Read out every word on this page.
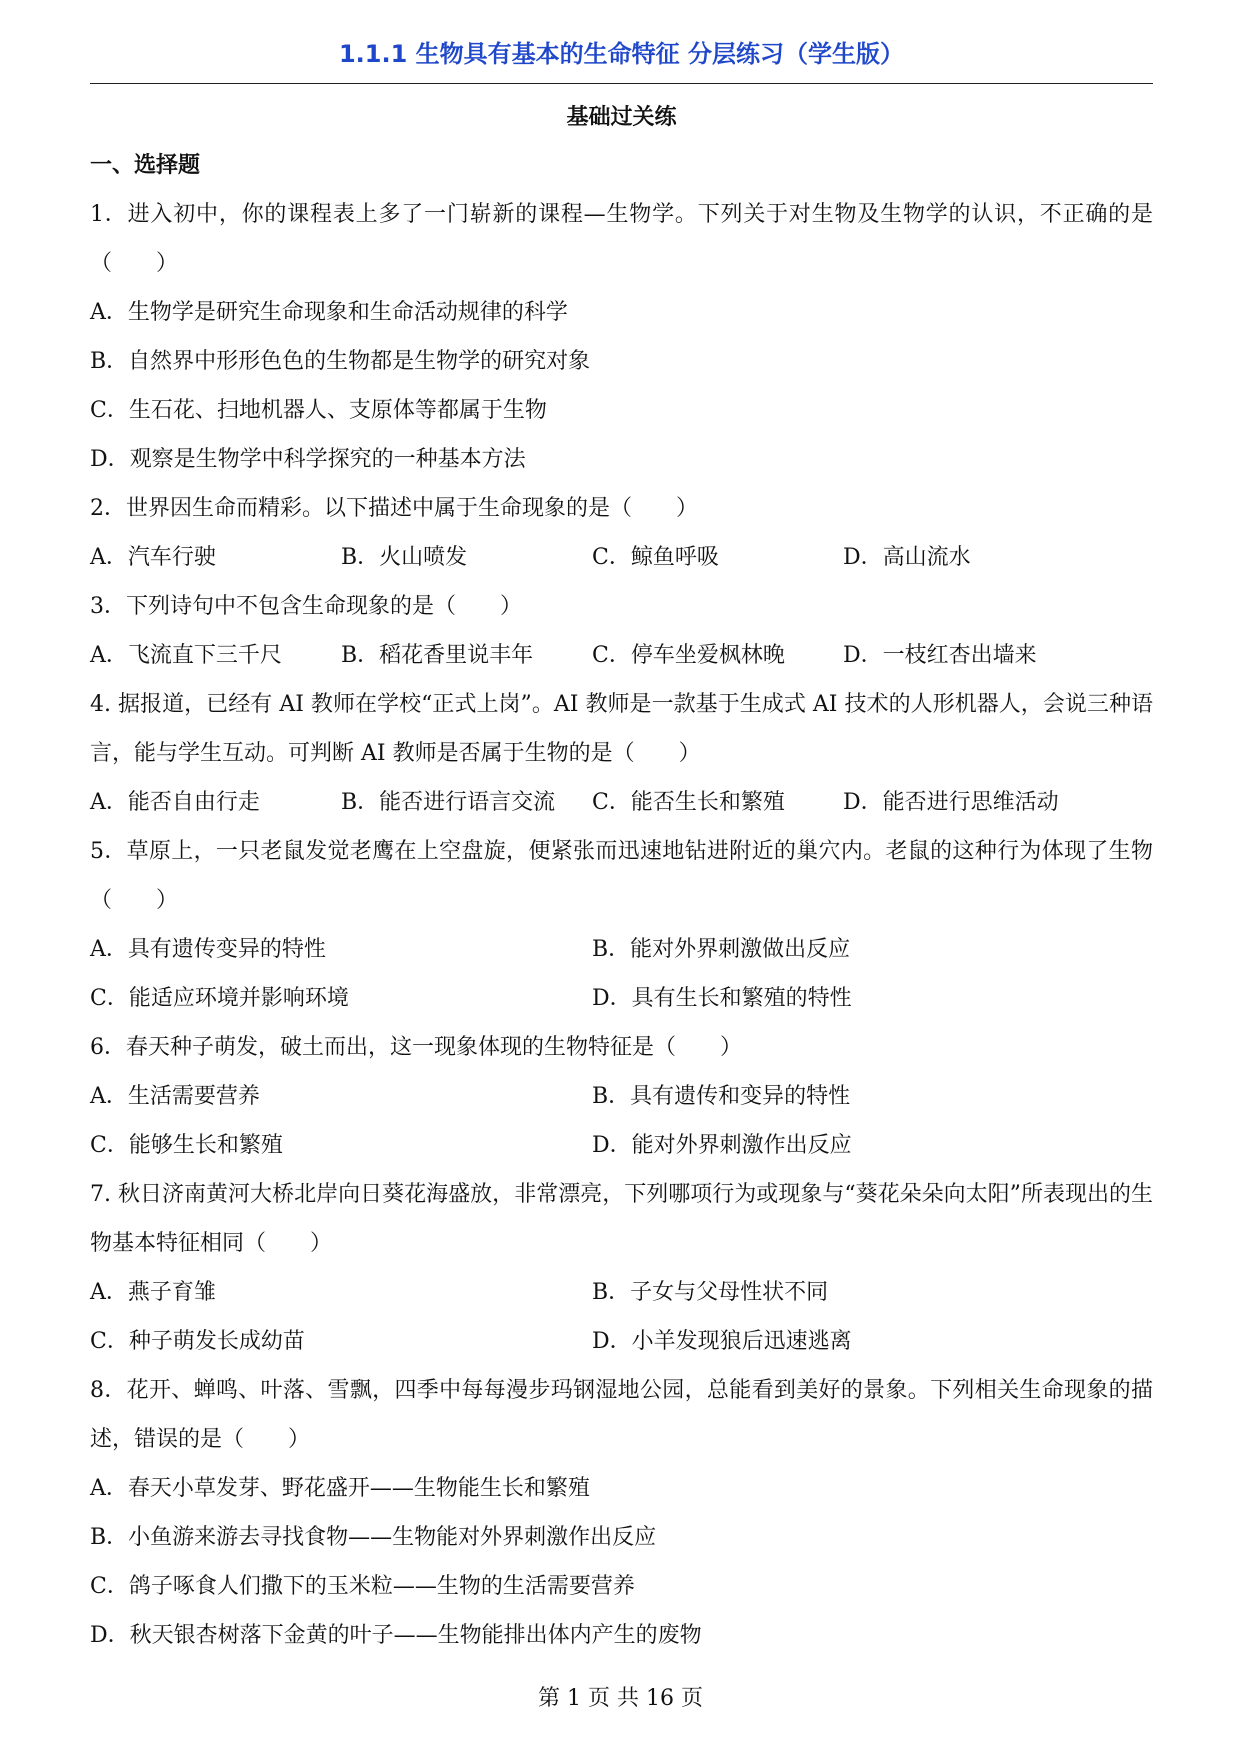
1.1.1 生物具有基本的生命特征 分层练习（学生版）
基础过关练
一、选择题

1．进入初中，你的课程表上多了一门崭新的课程—生物学。下列关于对生物及生物学的认识，不正确的是（　　）

A．生物学是研究生命现象和生命活动规律的科学

B．自然界中形形色色的生物都是生物学的研究对象

C．生石花、扫地机器人、支原体等都属于生物

D．观察是生物学中科学探究的一种基本方法

2．世界因生命而精彩。以下描述中属于生命现象的是（　　）

A．汽车行驶	B．火山喷发	C．鲸鱼呼吸	D．高山流水

3．下列诗句中不包含生命现象的是（　　）

A．飞流直下三千尺	B．稻花香里说丰年	C．停车坐爱枫林晚	D．一枝红杏出墙来

4. 据报道，已经有 AI 教师在学校“正式上岗”。AI 教师是一款基于生成式 AI 技术的人形机器人，会说三种语言，能与学生互动。可判断 AI 教师是否属于生物的是（　　）

A．能否自由行走	B．能否进行语言交流	C．能否生长和繁殖	D．能否进行思维活动

5．草原上，一只老鼠发觉老鹰在上空盘旋，便紧张而迅速地钻进附近的巢穴内。老鼠的这种行为体现了生物（　　）

A．具有遗传变异的特性	B．能对外界刺激做出反应
C．能适应环境并影响环境	D．具有生长和繁殖的特性

6．春天种子萌发，破土而出，这一现象体现的生物特征是（　　）

A．生活需要营养	B．具有遗传和变异的特性
C．能够生长和繁殖	D．能对外界刺激作出反应

7. 秋日济南黄河大桥北岸向日葵花海盛放，非常漂亮，下列哪项行为或现象与“葵花朵朵向太阳”所表现出的生物基本特征相同（　　）

A．燕子育雏	B．子女与父母性状不同
C．种子萌发长成幼苗	D．小羊发现狼后迅速逃离

8．花开、蝉鸣、叶落、雪飘，四季中每每漫步玛钢湿地公园，总能看到美好的景象。下列相关生命现象的描述，错误的是（　　）

A．春天小草发芽、野花盛开——生物能生长和繁殖

B．小鱼游来游去寻找食物——生物能对外界刺激作出反应

C．鸽子啄食人们撒下的玉米粒——生物的生活需要营养

D．秋天银杏树落下金黄的叶子——生物能排出体内产生的废物

第 1 页 共 16 页
